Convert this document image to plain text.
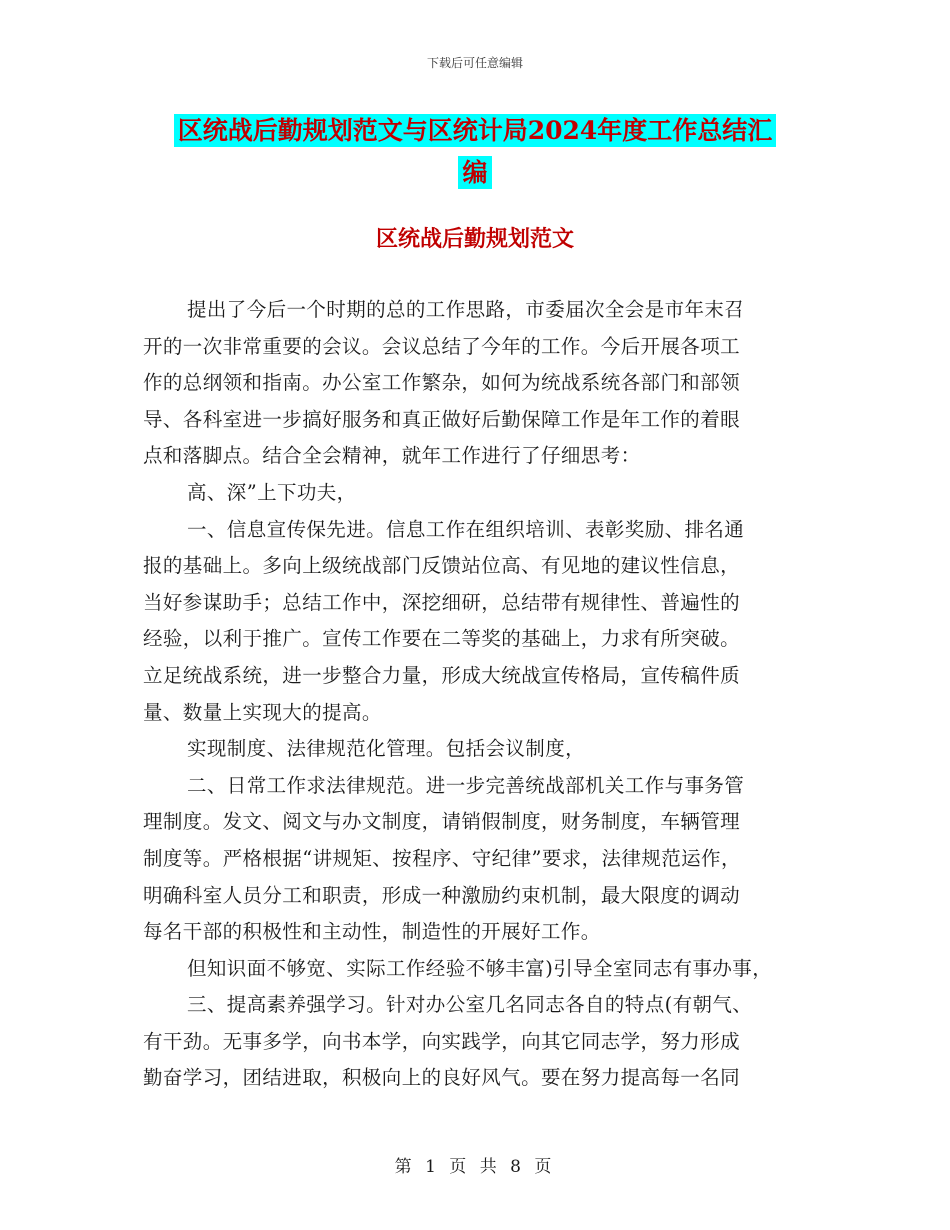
下载后可任意编辑
区统战后勤规划范文与区统计局2024年度工作总结汇
编
区统战后勤规划范文
提出了今后一个时期的总的工作思路，市委届次全会是市年末召
开的一次非常重要的会议。会议总结了今年的工作。今后开展各项工
作的总纲领和指南。办公室工作繁杂，如何为统战系统各部门和部领
导、各科室进一步搞好服务和真正做好后勤保障工作是年工作的着眼
点和落脚点。结合全会精神，就年工作进行了仔细思考：
高、深”上下功夫，
一、信息宣传保先进。信息工作在组织培训、表彰奖励、排名通
报的基础上。多向上级统战部门反馈站位高、有见地的建议性信息，
当好参谋助手；总结工作中，深挖细研，总结带有规律性、普遍性的
经验，以利于推广。宣传工作要在二等奖的基础上，力求有所突破。
立足统战系统，进一步整合力量，形成大统战宣传格局，宣传稿件质
量、数量上实现大的提高。
实现制度、法律规范化管理。包括会议制度，
二、日常工作求法律规范。进一步完善统战部机关工作与事务管
理制度。发文、阅文与办文制度，请销假制度，财务制度，车辆管理
制度等。严格根据“讲规矩、按程序、守纪律”要求，法律规范运作，
明确科室人员分工和职责，形成一种激励约束机制，最大限度的调动
每名干部的积极性和主动性，制造性的开展好工作。
但知识面不够宽、实际工作经验不够丰富)引导全室同志有事办事，
三、提高素养强学习。针对办公室几名同志各自的特点(有朝气、
有干劲。无事多学，向书本学，向实践学，向其它同志学，努力形成
勤奋学习，团结进取，积极向上的良好风气。要在努力提高每一名同
第 1 页 共 8 页
